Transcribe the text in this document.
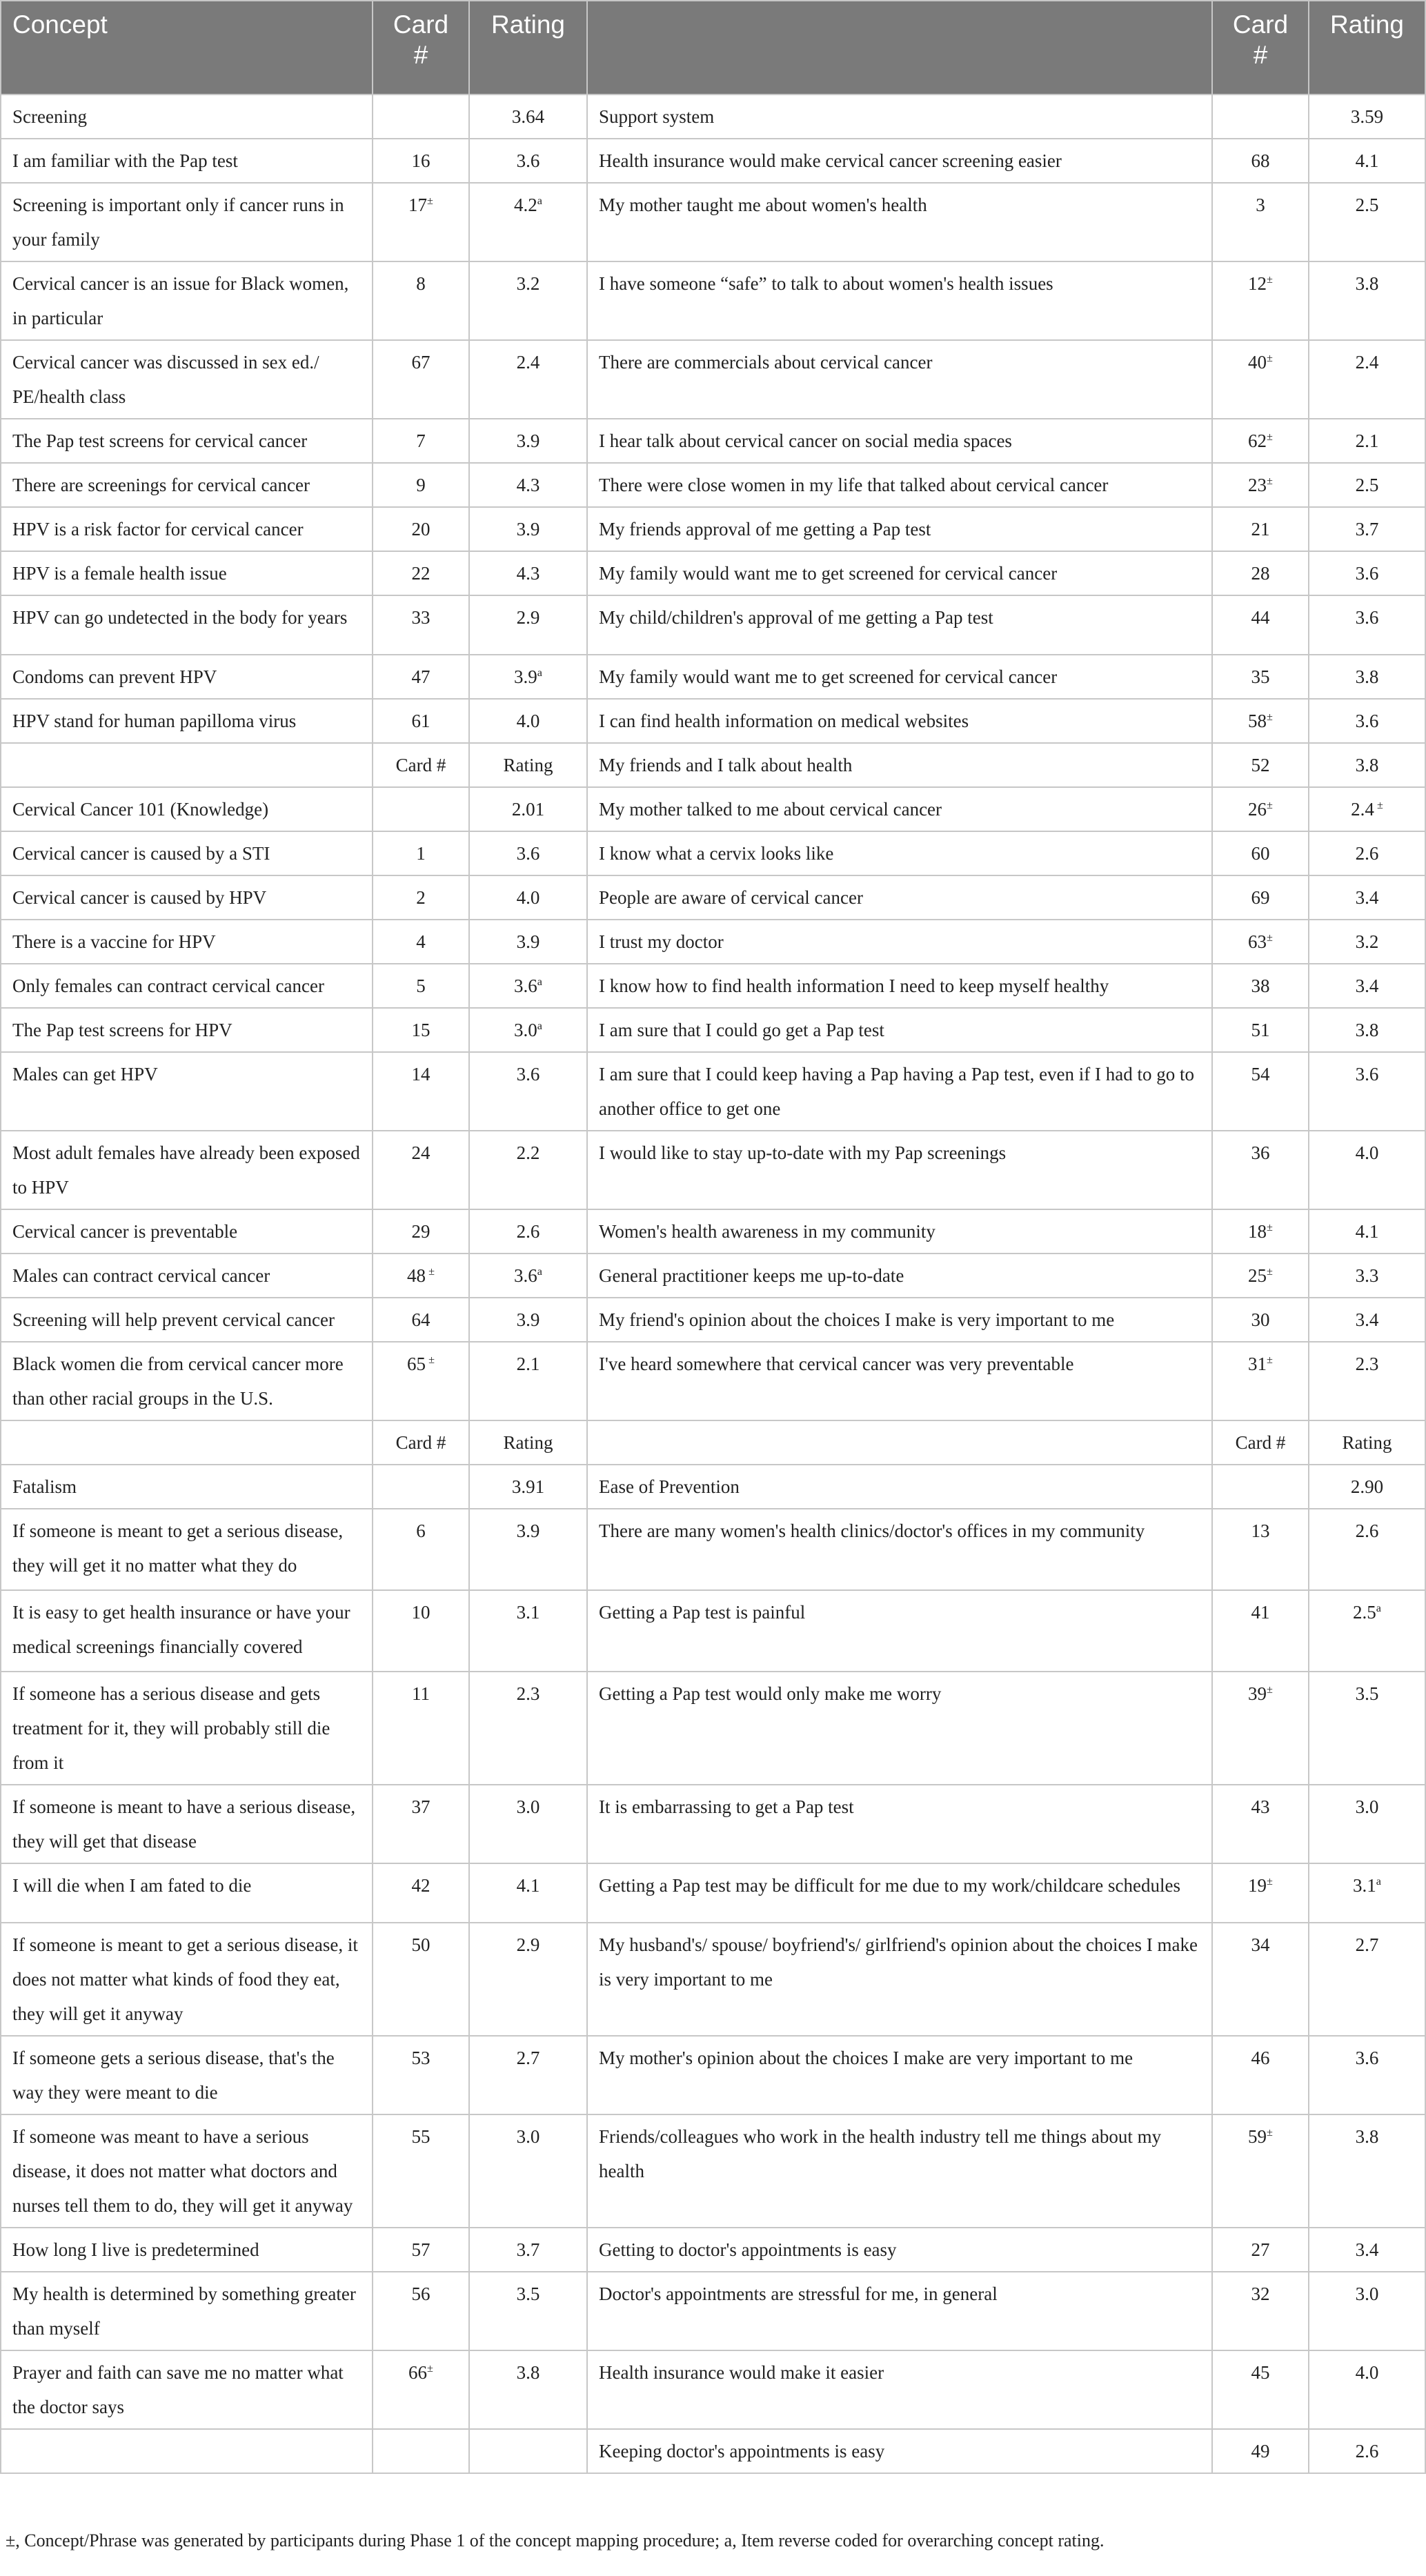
Concept	Card #	Rating		Card #	Rating
Screening		3.64	Support system		3.59
I am familiar with the Pap test	16	3.6	Health insurance would make cervical cancer screening easier	68	4.1
Screening is important only if cancer runs in your family	17±	4.2$^a$	My mother taught me about women's health	3	2.5
Cervical cancer is an issue for Black women, in particular	8	3.2	I have someone “safe” to talk to about women's health issues	12±	3.8
Cervical cancer was discussed in sex ed./ PE/health class	67	2.4	There are commercials about cervical cancer	40±	2.4
The Pap test screens for cervical cancer	7	3.9	I hear talk about cervical cancer on social media spaces	62±	2.1
There are screenings for cervical cancer	9	4.3	There were close women in my life that talked about cervical cancer	23±	2.5
HPV is a risk factor for cervical cancer	20	3.9	My friends approval of me getting a Pap test	21	3.7
HPV is a female health issue	22	4.3	My family would want me to get screened for cervical cancer	28	3.6
HPV can go undetected in the body for years	33	2.9	My child/children's approval of me getting a Pap test	44	3.6
Condoms can prevent HPV	47	3.9$^a$	My family would want me to get screened for cervical cancer	35	3.8
HPV stand for human papilloma virus	61	4.0	I can find health information on medical websites	58±	3.6
	Card #	Rating	My friends and I talk about health	52	3.8
Cervical Cancer 101 (Knowledge)		2.01	My mother talked to me about cervical cancer	26±	2.4 ±
Cervical cancer is caused by a STI	1	3.6	I know what a cervix looks like	60	2.6
Cervical cancer is caused by HPV	2	4.0	People are aware of cervical cancer	69	3.4
There is a vaccine for HPV	4	3.9	I trust my doctor	63±	3.2
Only females can contract cervical cancer	5	3.6$^a$	I know how to find health information I need to keep myself healthy	38	3.4
The Pap test screens for HPV	15	3.0$^a$	I am sure that I could go get a Pap test	51	3.8
Males can get HPV	14	3.6	I am sure that I could keep having a Pap having a Pap test, even if I had to go to another office to get one	54	3.6
Most adult females have already been exposed to HPV	24	2.2	I would like to stay up-to-date with my Pap screenings	36	4.0
Cervical cancer is preventable	29	2.6	Women's health awareness in my community	18±	4.1
Males can contract cervical cancer	48 ±	3.6$^a$	General practitioner keeps me up-to-date	25±	3.3
Screening will help prevent cervical cancer	64	3.9	My friend's opinion about the choices I make is very important to me	30	3.4
Black women die from cervical cancer more than other racial groups in the U.S.	65 ±	2.1	I've heard somewhere that cervical cancer was very preventable	31±	2.3
	Card #	Rating		Card #	Rating
Fatalism		3.91	Ease of Prevention		2.90
If someone is meant to get a serious disease, they will get it no matter what they do	6	3.9	There are many women's health clinics/doctor's offices in my community	13	2.6
It is easy to get health insurance or have your medical screenings financially covered	10	3.1	Getting a Pap test is painful	41	2.5$^a$
If someone has a serious disease and gets treatment for it, they will probably still die from it	11	2.3	Getting a Pap test would only make me worry	39±	3.5
If someone is meant to have a serious disease, they will get that disease	37	3.0	It is embarrassing to get a Pap test	43	3.0
I will die when I am fated to die	42	4.1	Getting a Pap test may be difficult for me due to my work/childcare schedules	19±	3.1$^a$
If someone is meant to get a serious disease, it does not matter what kinds of food they eat, they will get it anyway	50	2.9	My husband's/ spouse/ boyfriend's/ girlfriend's opinion about the choices I make is very important to me	34	2.7
If someone gets a serious disease, that's the way they were meant to die	53	2.7	My mother's opinion about the choices I make are very important to me	46	3.6
If someone was meant to have a serious disease, it does not matter what doctors and nurses tell them to do, they will get it anyway	55	3.0	Friends/colleagues who work in the health industry tell me things about my health	59±	3.8
How long I live is predetermined	57	3.7	Getting to doctor's appointments is easy	27	3.4
My health is determined by something greater than myself	56	3.5	Doctor's appointments are stressful for me, in general	32	3.0
Prayer and faith can save me no matter what the doctor says	66±	3.8	Health insurance would make it easier	45	4.0
			Keeping doctor's appointments is easy	49	2.6
±, Concept/Phrase was generated by participants during Phase 1 of the concept mapping procedure; a, Item reverse coded for overarching concept rating.
